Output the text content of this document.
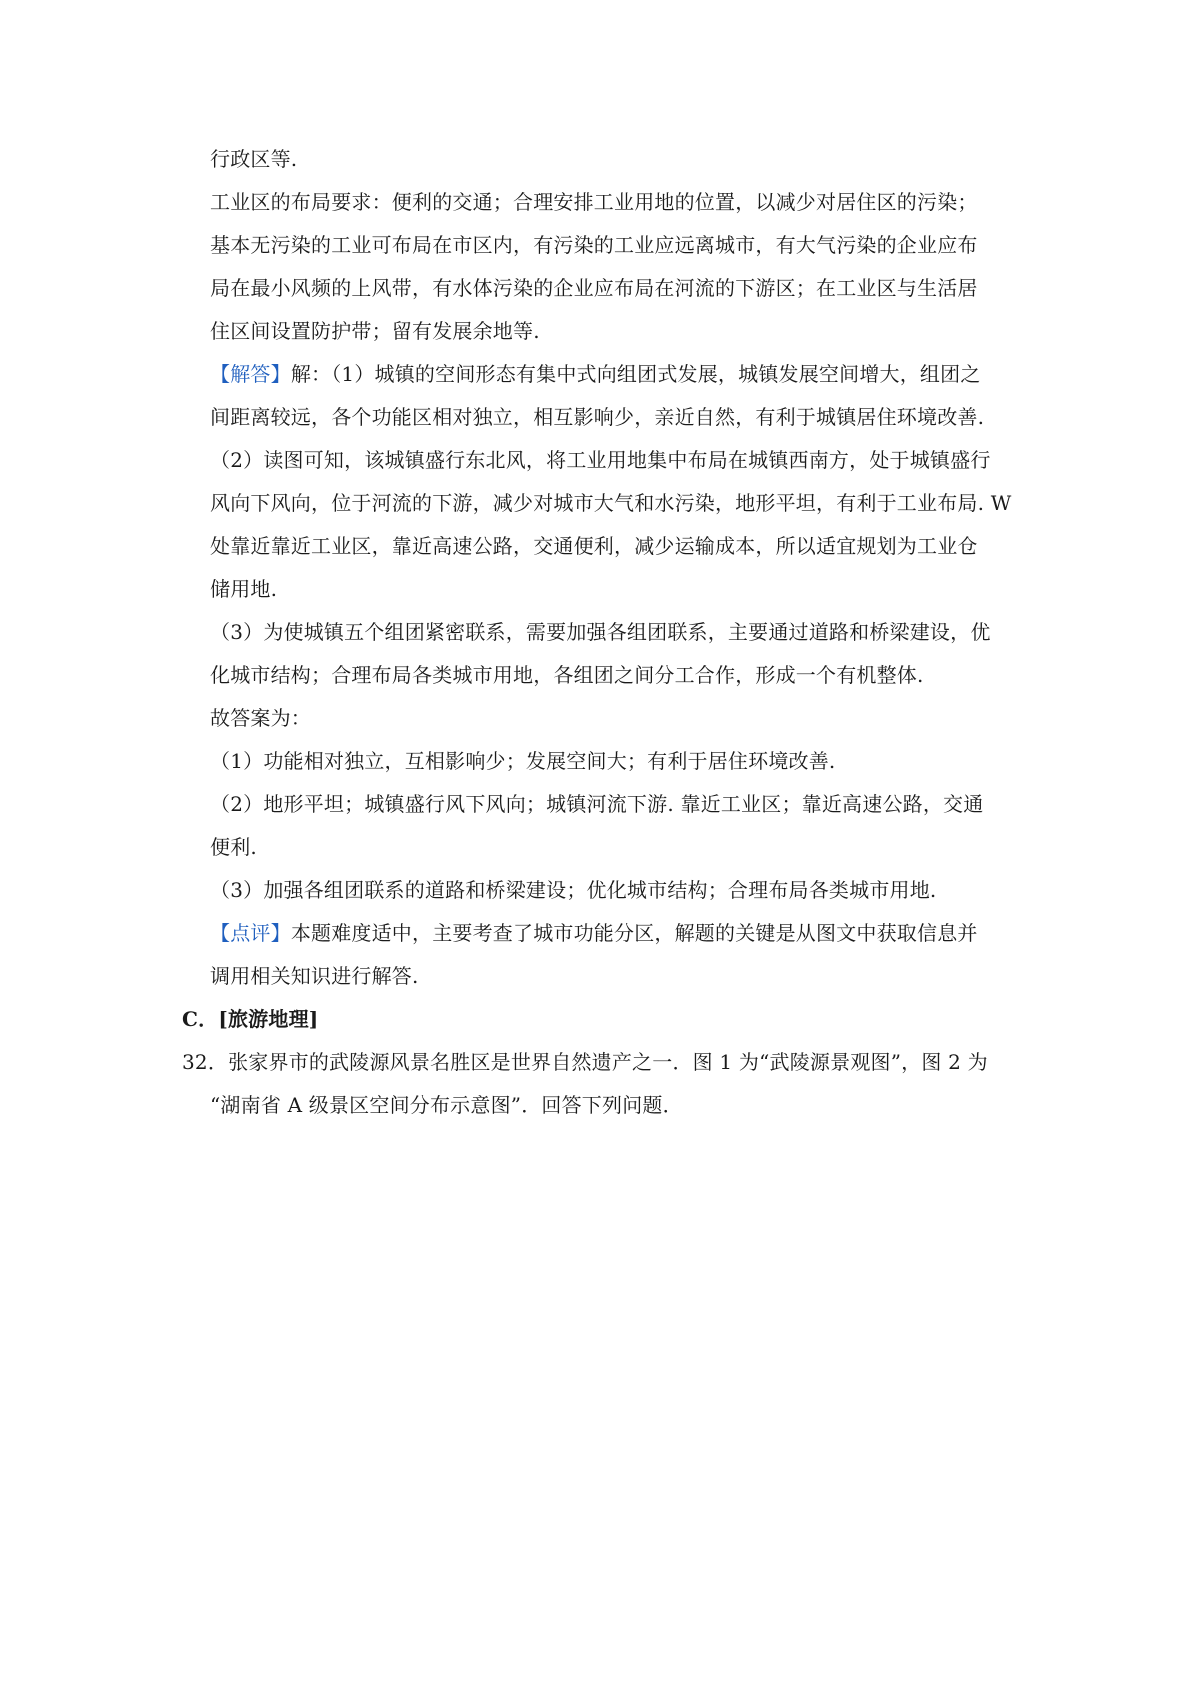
行政区等.
工业区的布局要求：便利的交通；合理安排工业用地的位置，以减少对居住区的污染；
基本无污染的工业可布局在市区内，有污染的工业应远离城市，有大气污染的企业应布
局在最小风频的上风带，有水体污染的企业应布局在河流的下游区；在工业区与生活居
住区间设置防护带；留有发展余地等.
【解答】解：（1）城镇的空间形态有集中式向组团式发展，城镇发展空间增大，组团之
间距离较远，各个功能区相对独立，相互影响少，亲近自然，有利于城镇居住环境改善.
（2）读图可知，该城镇盛行东北风，将工业用地集中布局在城镇西南方，处于城镇盛行
风向下风向，位于河流的下游，减少对城市大气和水污染，地形平坦，有利于工业布局. W
处靠近靠近工业区，靠近高速公路，交通便利，减少运输成本，所以适宜规划为工业仓
储用地.
（3）为使城镇五个组团紧密联系，需要加强各组团联系，主要通过道路和桥梁建设，优
化城市结构；合理布局各类城市用地，各组团之间分工合作，形成一个有机整体.
故答案为：
（1）功能相对独立，互相影响少；发展空间大；有利于居住环境改善.
（2）地形平坦；城镇盛行风下风向；城镇河流下游. 靠近工业区；靠近高速公路，交通
便利.
（3）加强各组团联系的道路和桥梁建设；优化城市结构；合理布局各类城市用地.
【点评】本题难度适中，主要考查了城市功能分区，解题的关键是从图文中获取信息并
调用相关知识进行解答.
C．[旅游地理]
32．张家界市的武陵源风景名胜区是世界自然遗产之一．图 1 为“武陵源景观图”，图 2 为
“湖南省 A 级景区空间分布示意图”．回答下列问题．
